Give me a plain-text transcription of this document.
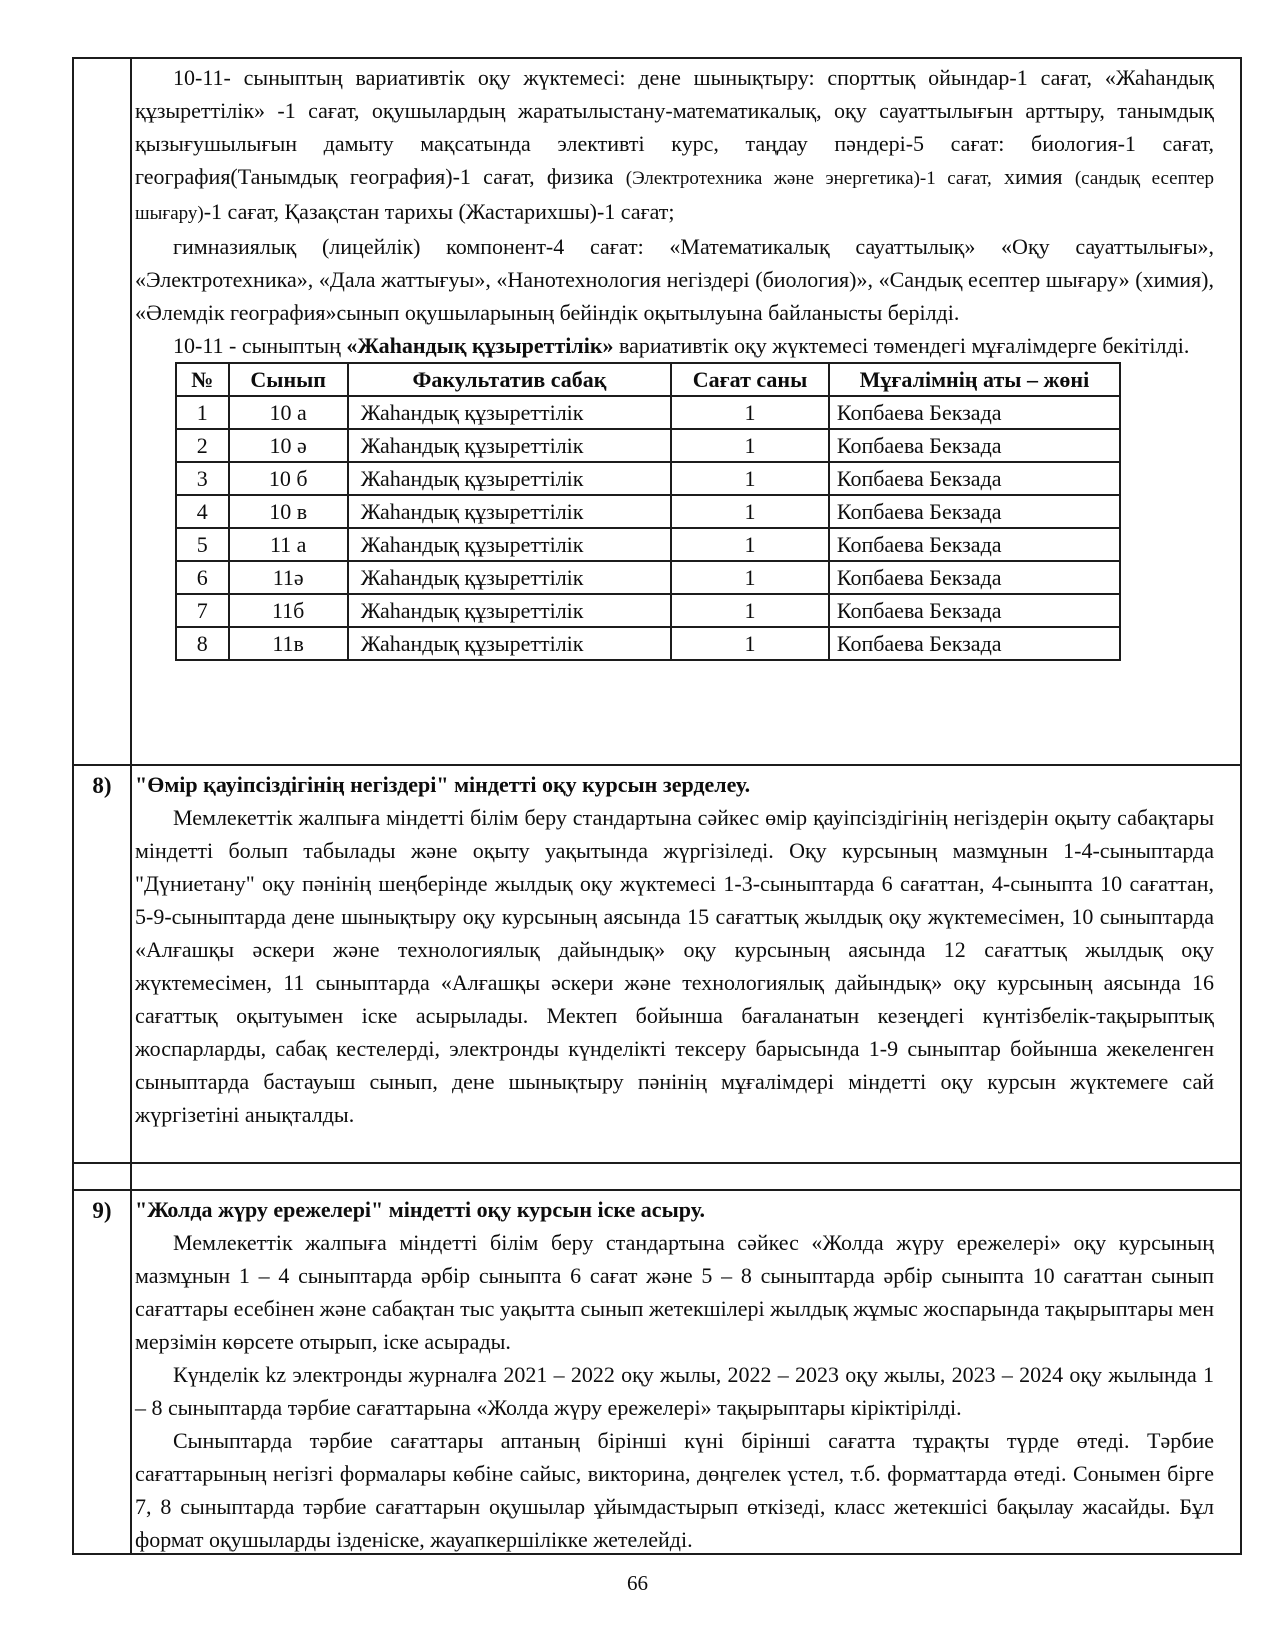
10-11- сыныптың вариативтік оқу жүктемесі: дене шынықтыру: спорттық ойындар-1 сағат, «Жаһандық құзыреттілік» -1 сағат, оқушылардың жаратылыстану-математикалық, оқу сауаттылығын арттыру, танымдық қызығушылығын дамыту мақсатында элективті курс, таңдау пәндері-5 сағат: биология-1 сағат, география(Танымдық география)-1 сағат, физика (Электротехника және энергетика)-1 сағат, химия (сандық есептер шығару)-1 сағат, Қазақстан тарихы (Жастарихшы)-1 сағат;

гимназиялық (лицейлік) компонент-4 сағат: «Математикалық сауаттылық» «Оқу сауаттылығы», «Электротехника», «Дала жаттығуы», «Нанотехнология негіздері (биология)», «Сандық есептер шығару» (химия), «Әлемдік география»сынып оқушыларының бейіндік оқытылуына байланысты берілді.

10-11 - сыныптың «Жаһандық құзыреттілік» вариативтік оқу жүктемесі төмендегі мұғалімдерге бекітілді.

№	Сынып	Факультатив сабақ	Сағат саны	Мұғалімнің аты – жөні
1	10 а	Жаһандық құзыреттілік	1	Копбаева Бекзада
2	10 ә	Жаһандық құзыреттілік	1	Копбаева Бекзада
3	10 б	Жаһандық құзыреттілік	1	Копбаева Бекзада
4	10 в	Жаһандық құзыреттілік	1	Копбаева Бекзада
5	11 а	Жаһандық құзыреттілік	1	Копбаева Бекзада
6	11ә	Жаһандық құзыреттілік	1	Копбаева Бекзада
7	11б	Жаһандық құзыреттілік	1	Копбаева Бекзада
8	11в	Жаһандық құзыреттілік	1	Копбаева Бекзада
8)	"Өмір қауіпсіздігінің негіздері" міндетті оқу курсын зерделеу.

Мемлекеттік жалпыға міндетті білім беру стандартына сәйкес өмір қауіпсіздігінің негіздерін оқыту сабақтары міндетті болып табылады және оқыту уақытында жүргізіледі. Оқу курсының мазмұнын 1-4-сыныптарда "Дүниетану" оқу пәнінің шеңберінде жылдық оқу жүктемесі 1-3-сыныптарда 6 сағаттан, 4-сыныпта 10 сағаттан, 5-9-сыныптарда дене шынықтыру оқу курсының аясында 15 сағаттық жылдық оқу жүктемесімен, 10 сыныптарда «Алғашқы әскери және технологиялық дайындық» оқу курсының аясында 12 сағаттық жылдық оқу жүктемесімен, 11 сыныптарда «Алғашқы әскери және технологиялық дайындық» оқу курсының аясында 16 сағаттық оқытуымен іске асырылады. Мектеп бойынша бағаланатын кезеңдегі күнтізбелік-тақырыптық жоспарларды, сабақ кестелерді, электронды күнделікті тексеру барысында 1-9 сыныптар бойынша жекеленген сыныптарда бастауыш сынып, дене шынықтыру пәнінің мұғалімдері міндетті оқу курсын жүктемеге сай жүргізетіні анықталды.

9)	"Жолда жүру ережелері" міндетті оқу курсын іске асыру.

Мемлекеттік жалпыға міндетті білім беру стандартына сәйкес «Жолда жүру ережелері» оқу курсының мазмұнын 1 – 4 сыныптарда әрбір сыныпта 6 сағат және 5 – 8 сыныптарда әрбір сыныпта 10 сағаттан сынып сағаттары есебінен және сабақтан тыс уақытта сынып жетекшілері жылдық жұмыс жоспарында тақырыптары мен мерзімін көрсете отырып, іске асырады.

Күнделік kz электронды журналға 2021 – 2022 оқу жылы, 2022 – 2023 оқу жылы, 2023 – 2024 оқу жылында 1 – 8 сыныптарда тәрбие сағаттарына «Жолда жүру ережелері» тақырыптары кіріктірілді.

Сыныптарда тәрбие сағаттары аптаның бірінші күні бірінші сағатта тұрақты түрде өтеді. Тәрбие сағаттарының негізгі формалары көбіне сайыс, викторина, дөңгелек үстел, т.б. форматтарда өтеді. Сонымен бірге 7, 8 сыныптарда тәрбие сағаттарын оқушылар ұйымдастырып өткізеді, класс жетекшісі бақылау жасайды. Бұл формат оқушыларды ізденіске, жауапкершілікке жетелейді.

66
